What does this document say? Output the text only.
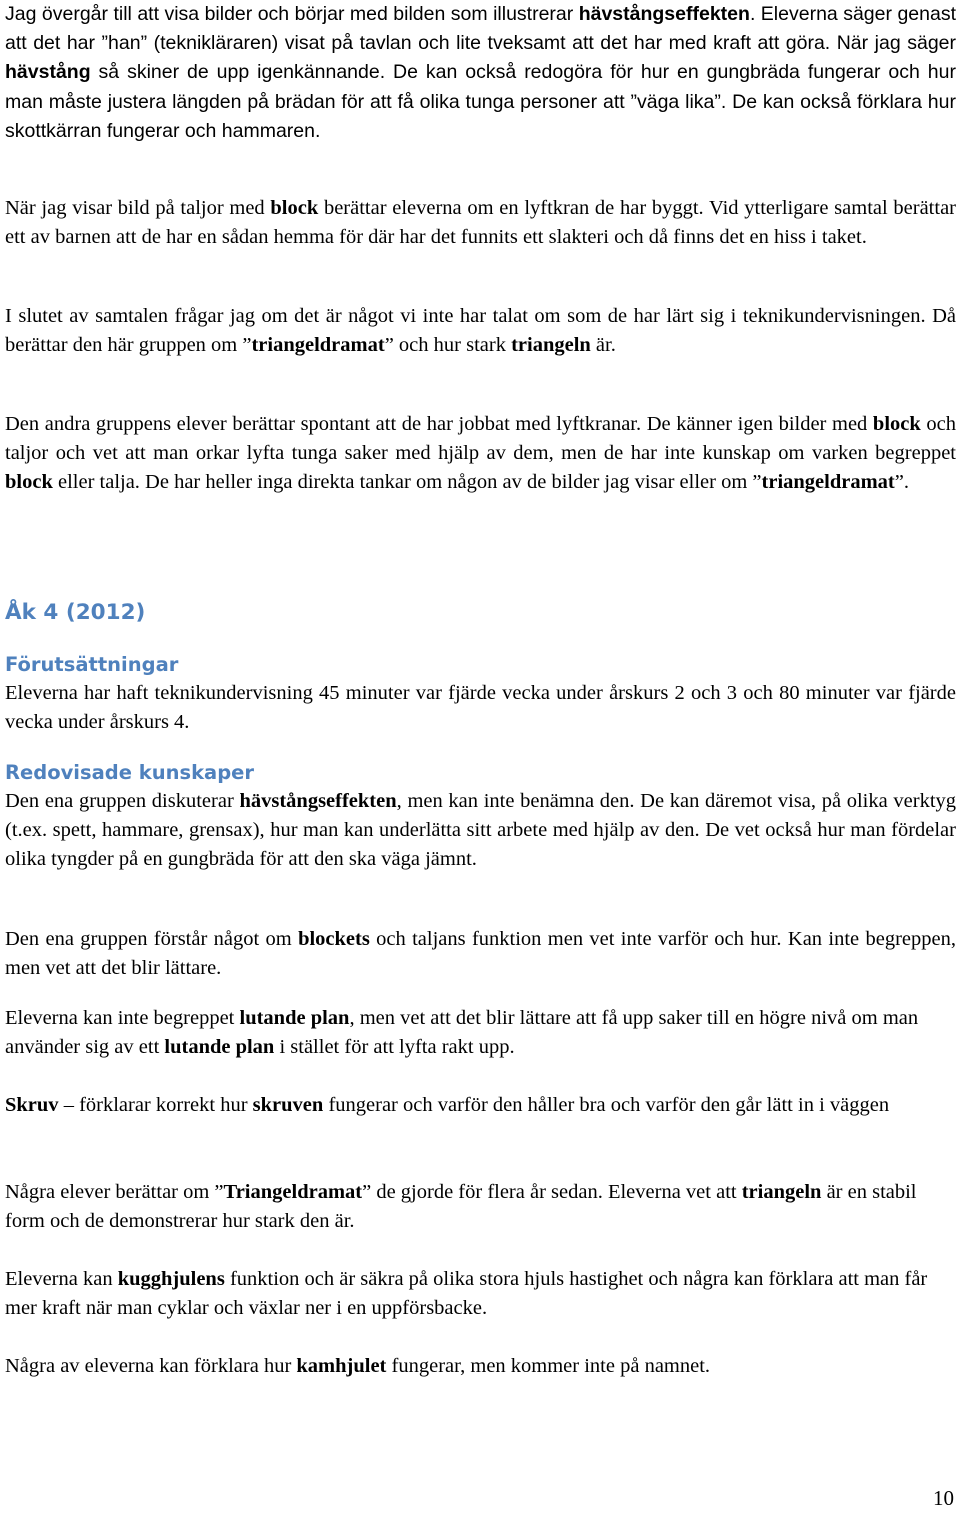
Jag övergår till att visa bilder och börjar med bilden som illustrerar hävstångseffekten. Eleverna säger genast att det har ”han” (teknikläraren) visat på tavlan och lite tveksamt att det har med kraft att göra. När jag säger hävstång så skiner de upp igenkännande. De kan också redogöra för hur en gungbräda fungerar och hur man måste justera längden på brädan för att få olika tunga personer att ”väga lika”. De kan också förklara hur skottkärran fungerar och hammaren.

När jag visar bild på taljor med block berättar eleverna om en lyftkran de har byggt. Vid ytterligare samtal berättar ett av barnen att de har en sådan hemma för där har det funnits ett slakteri och då finns det en hiss i taket.

I slutet av samtalen frågar jag om det är något vi inte har talat om som de har lärt sig i teknikundervisningen. Då berättar den här gruppen om ”triangeldramat” och hur stark triangeln är.

Den andra gruppens elever berättar spontant att de har jobbat med lyftkranar. De känner igen bilder med block och taljor och vet att man orkar lyfta tunga saker med hjälp av dem, men de har inte kunskap om varken begreppet block eller talja. De har heller inga direkta tankar om någon av de bilder jag visar eller om ”triangeldramat”.

Åk 4 (2012)
Förutsättningar

Eleverna har haft teknikundervisning 45 minuter var fjärde vecka under årskurs 2 och 3 och 80 minuter var fjärde vecka under årskurs 4.

Redovisade kunskaper

Den ena gruppen diskuterar hävstångseffekten, men kan inte benämna den. De kan däremot visa, på olika verktyg (t.ex. spett, hammare, grensax), hur man kan underlätta sitt arbete med hjälp av den. De vet också hur man fördelar olika tyngder på en gungbräda för att den ska väga jämnt.

Den ena gruppen förstår något om blockets och taljans funktion men vet inte varför och hur. Kan inte begreppen, men vet att det blir lättare.

Eleverna kan inte begreppet lutande plan, men vet att det blir lättare att få upp saker till en högre nivå om man använder sig av ett lutande plan i stället för att lyfta rakt upp.

Skruv – förklarar korrekt hur skruven fungerar och varför den håller bra och varför den går lätt in i väggen

Några elever berättar om ”Triangeldramat” de gjorde för flera år sedan. Eleverna vet att triangeln är en stabil form och de demonstrerar hur stark den är.

Eleverna kan kugghjulens funktion och är säkra på olika stora hjuls hastighet och några kan förklara att man får mer kraft när man cyklar och växlar ner i en uppförsbacke.

Några av eleverna kan förklara hur kamhjulet fungerar, men kommer inte på namnet.

10
